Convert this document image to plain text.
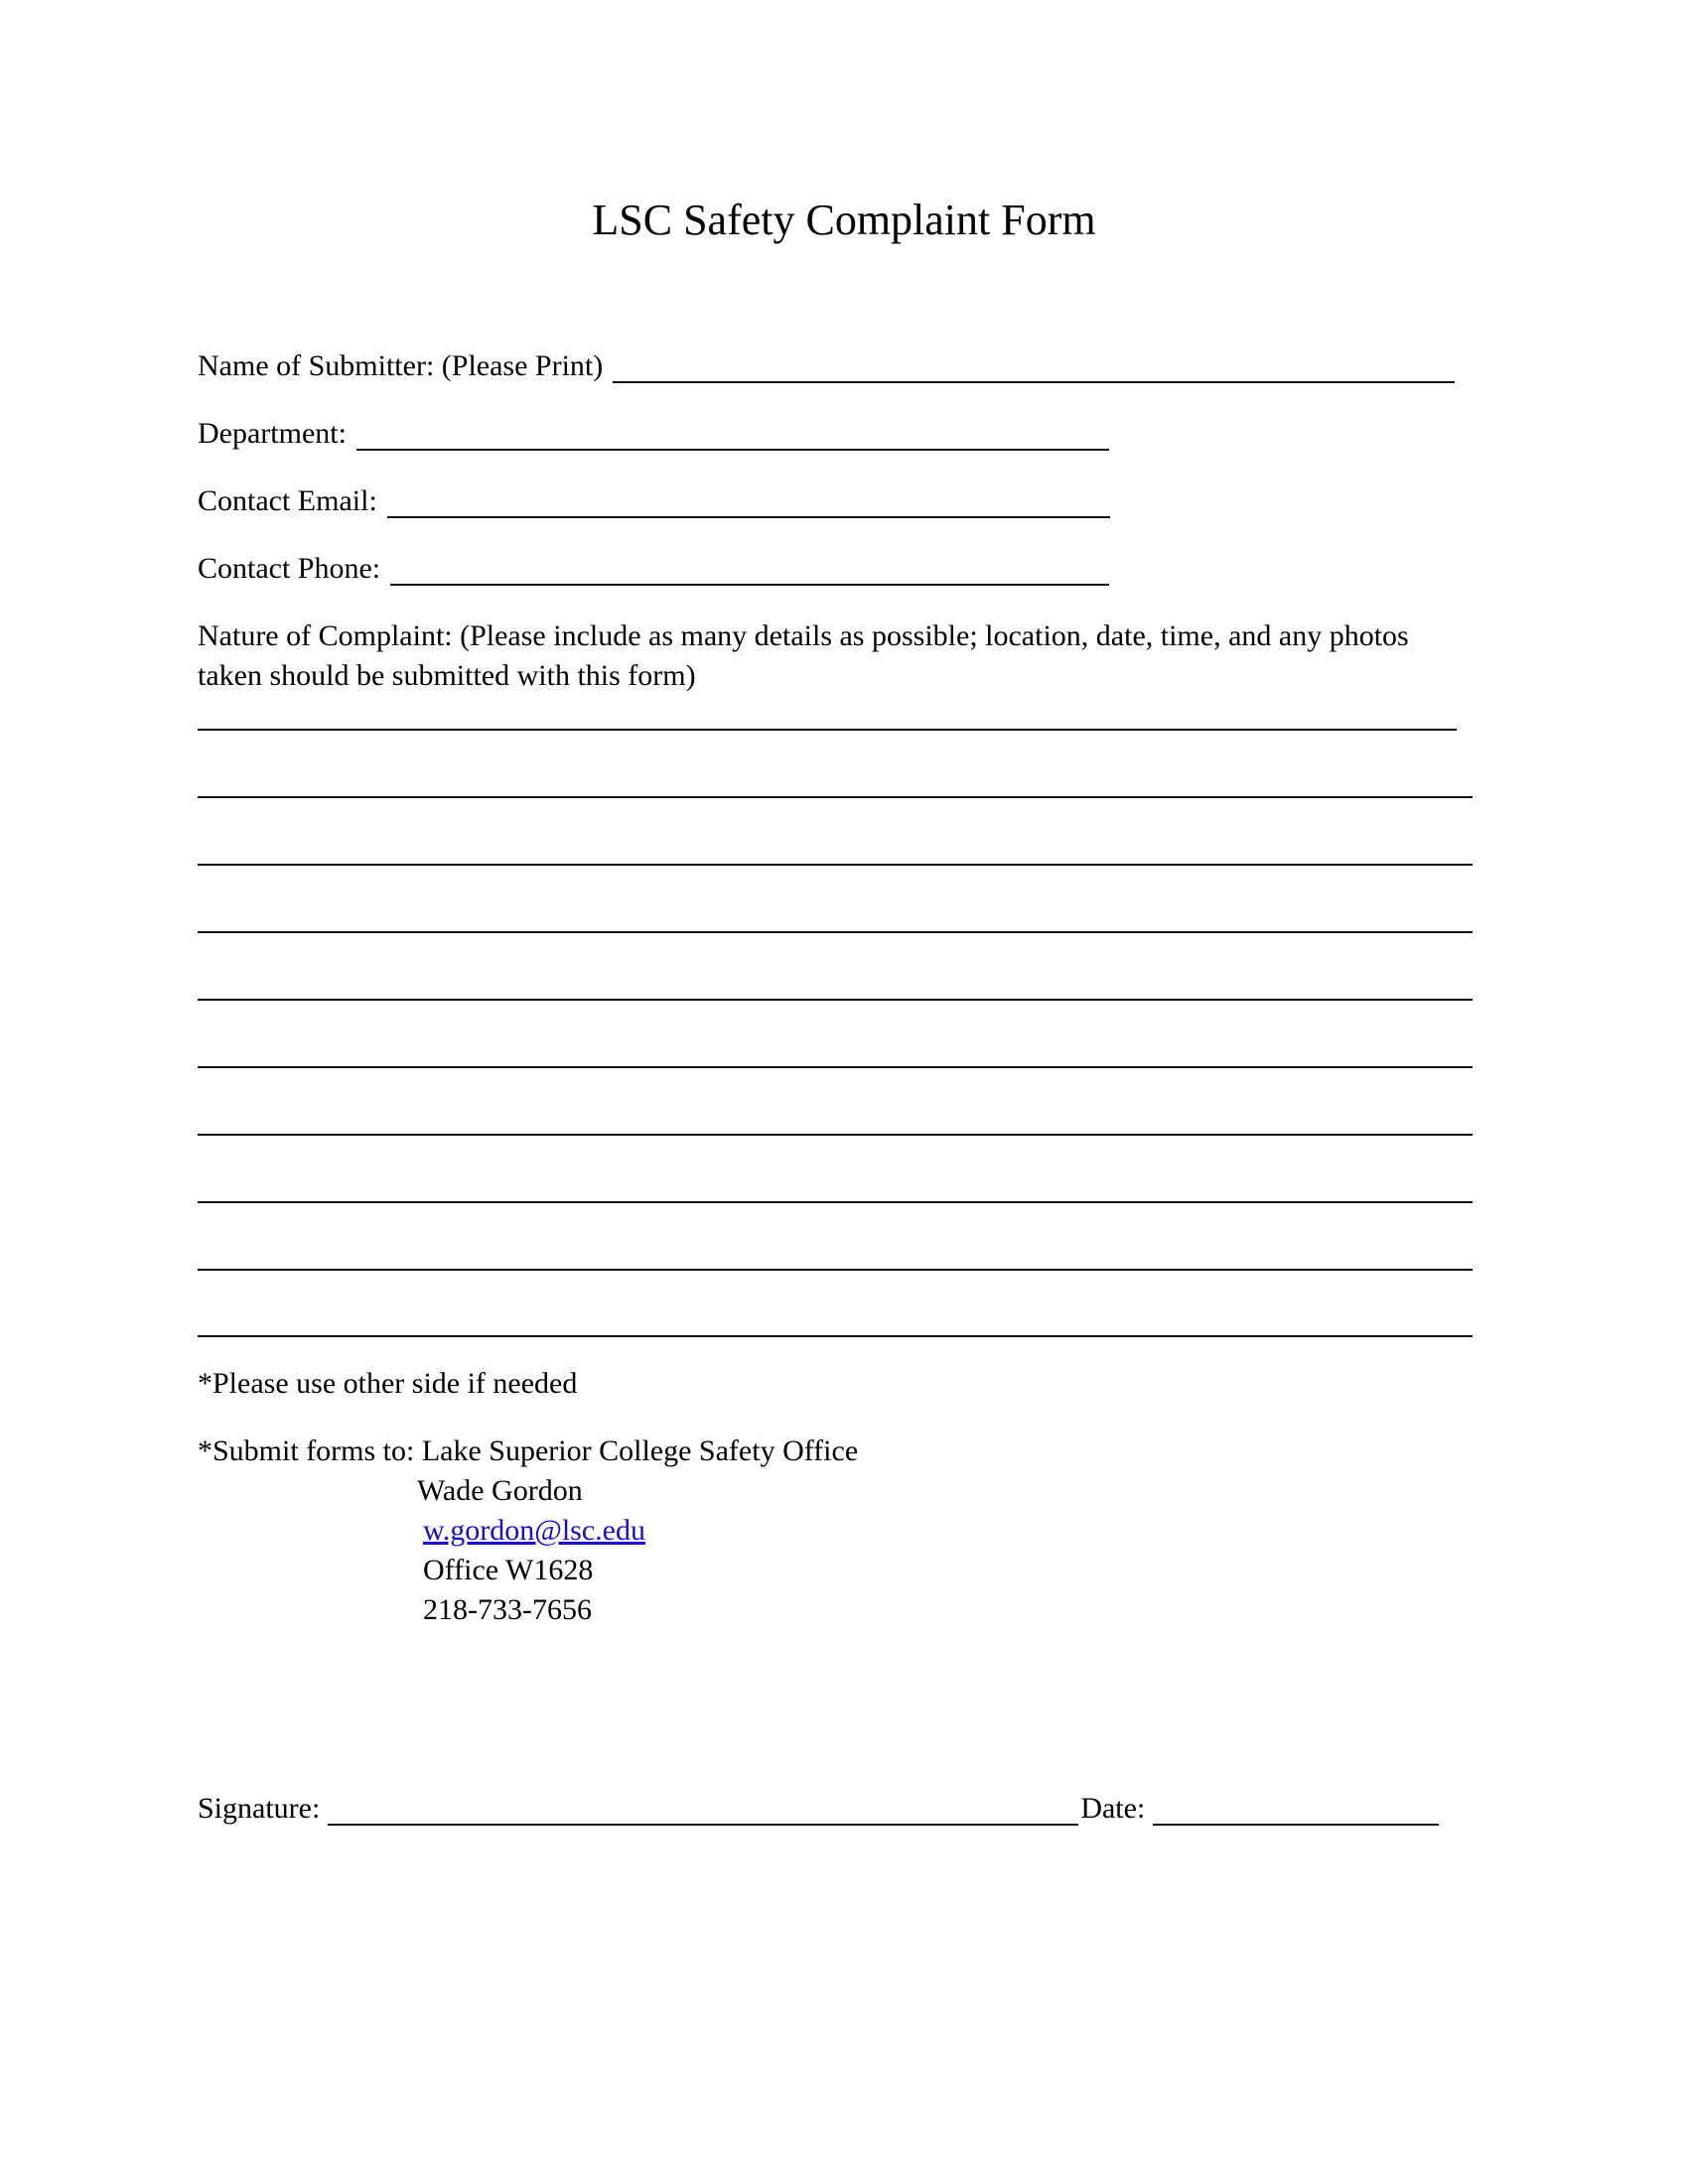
LSC Safety Complaint Form
Name of Submitter: (Please Print)
Department:
Contact Email:
Contact Phone:
Nature of Complaint: (Please include as many details as possible; location, date, time, and any photos
taken should be submitted with this form)
*Please use other side if needed
*Submit forms to: Lake Superior College Safety Office
Wade Gordon
w.gordon@lsc.edu
Office W1628
218-733-7656
Signature:	Date:
